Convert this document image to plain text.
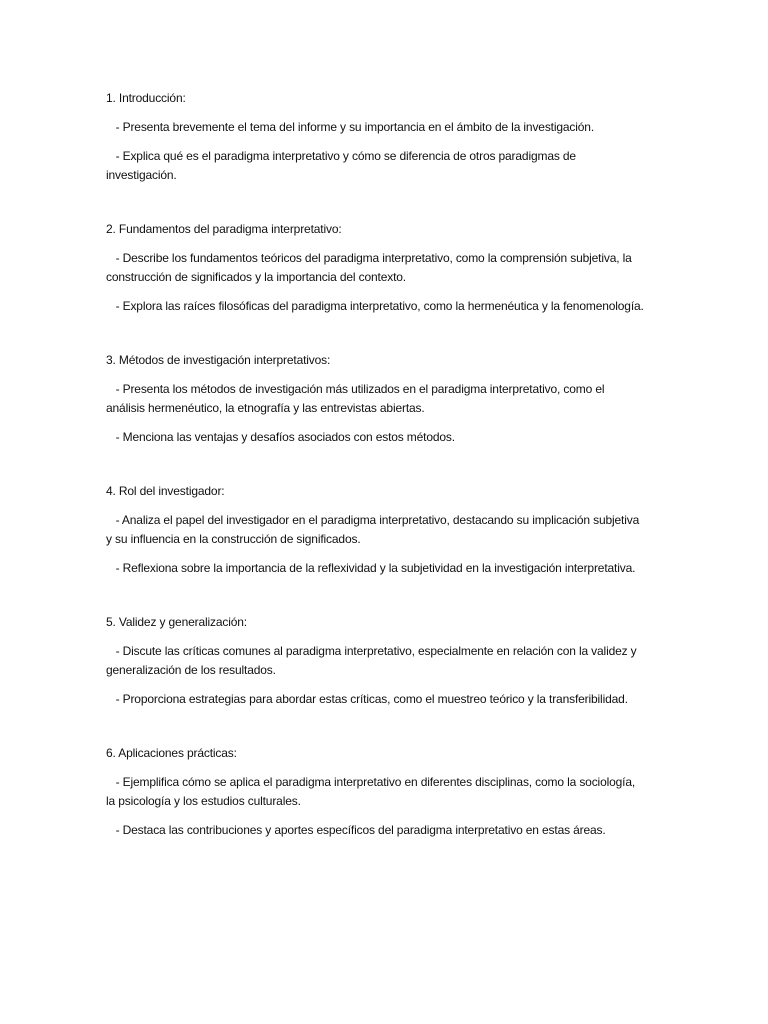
1. Introducción:
- Presenta brevemente el tema del informe y su importancia en el ámbito de la investigación.
- Explica qué es el paradigma interpretativo y cómo se diferencia de otros paradigmas de investigación.
2. Fundamentos del paradigma interpretativo:
- Describe los fundamentos teóricos del paradigma interpretativo, como la comprensión subjetiva, la construcción de significados y la importancia del contexto.
- Explora las raíces filosóficas del paradigma interpretativo, como la hermenéutica y la fenomenología.
3. Métodos de investigación interpretativos:
- Presenta los métodos de investigación más utilizados en el paradigma interpretativo, como el análisis hermenéutico, la etnografía y las entrevistas abiertas.
- Menciona las ventajas y desafíos asociados con estos métodos.
4. Rol del investigador:
- Analiza el papel del investigador en el paradigma interpretativo, destacando su implicación subjetiva y su influencia en la construcción de significados.
- Reflexiona sobre la importancia de la reflexividad y la subjetividad en la investigación interpretativa.
5. Validez y generalización:
- Discute las críticas comunes al paradigma interpretativo, especialmente en relación con la validez y generalización de los resultados.
- Proporciona estrategias para abordar estas críticas, como el muestreo teórico y la transferibilidad.
6. Aplicaciones prácticas:
- Ejemplifica cómo se aplica el paradigma interpretativo en diferentes disciplinas, como la sociología, la psicología y los estudios culturales.
- Destaca las contribuciones y aportes específicos del paradigma interpretativo en estas áreas.
